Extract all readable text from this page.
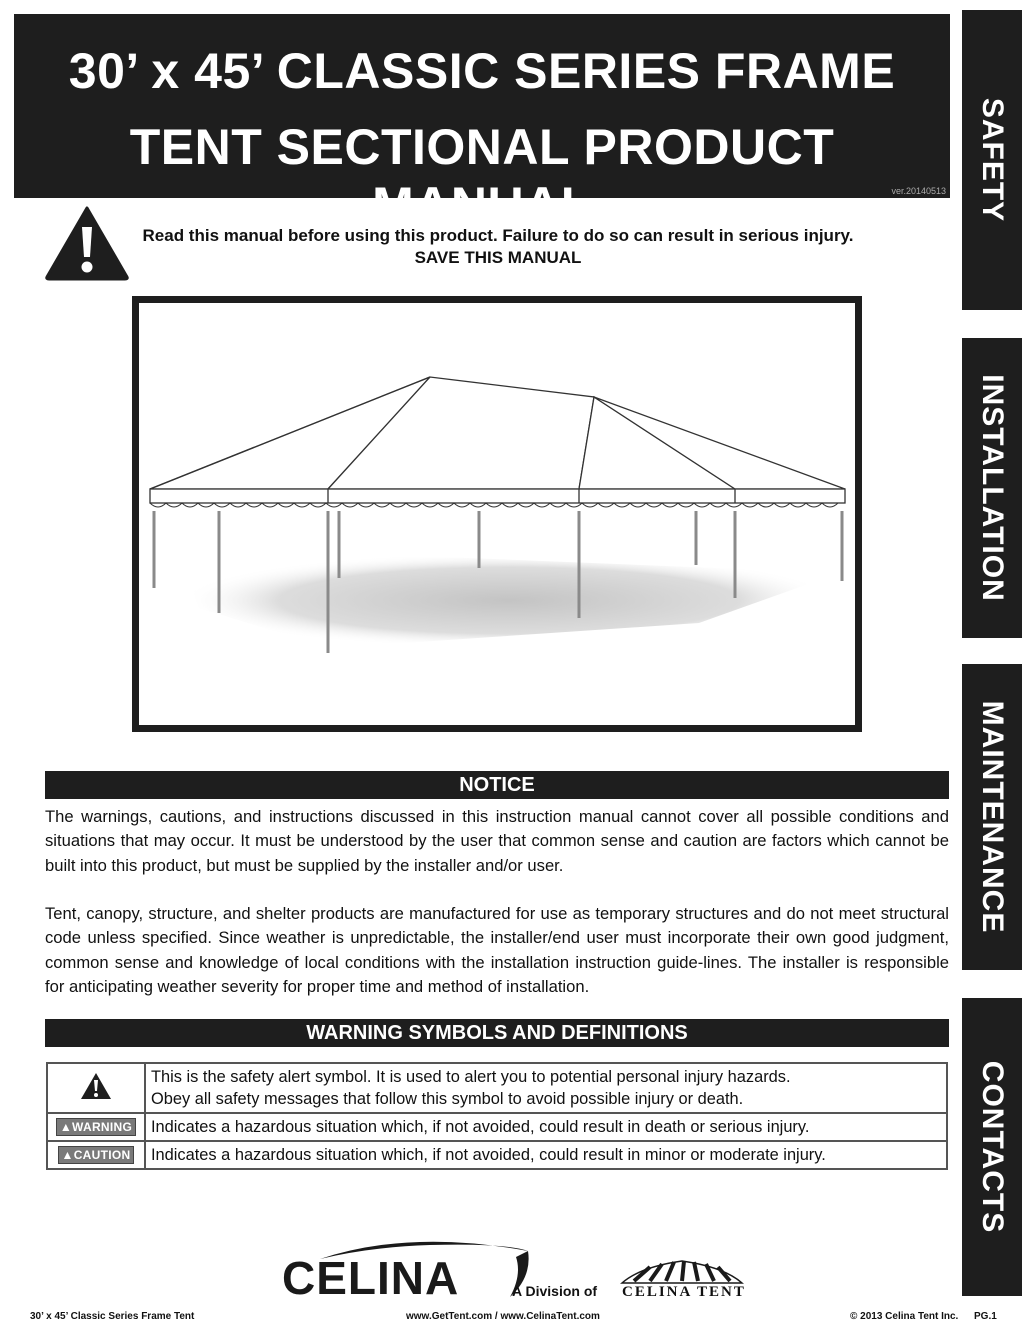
30’ x 45’ CLASSIC SERIES FRAME
TENT SECTIONAL PRODUCT MANUAL	ver.20140513 SAFETY
INSTALLATION
MAINTENANCE
CONTACTS
Read this manual before using this product. Failure to do so can result in serious injury.
SAVE THIS MANUAL
NOTICE
The warnings, cautions, and instructions discussed in this instruction manual cannot cover all possible conditions and situations that may occur. It must be understood by the user that common sense and caution are factors which cannot be built into this product, but must be supplied by the installer and/or user.
Tent, canopy, structure, and shelter products are manufactured for use as temporary structures and do not meet structural code unless specified. Since weather is unpredictable, the installer/end user must incorporate their own good judgment, common sense and knowledge of local conditions with the installation instruction guide-lines. The installer is responsible for anticipating weather severity for proper time and method of installation.
WARNING SYMBOLS AND DEFINITIONS

This is the safety alert symbol. It is used to alert you to potential personal injury hazards.
Obey all safety messages that follow this symbol to avoid possible injury or death.

▲WARNING	Indicates a hazardous situation which, if not avoided, could result in death or serious injury.
▲CAUTION	Indicates a hazardous situation which, if not avoided, could result in minor or moderate injury.
CELINA	A Division of CELINA TENT
30’ x 45’ Classic Series Frame Tent	www.GetTent.com / www.CelinaTent.com	© 2013 Celina Tent Inc. PG.1
